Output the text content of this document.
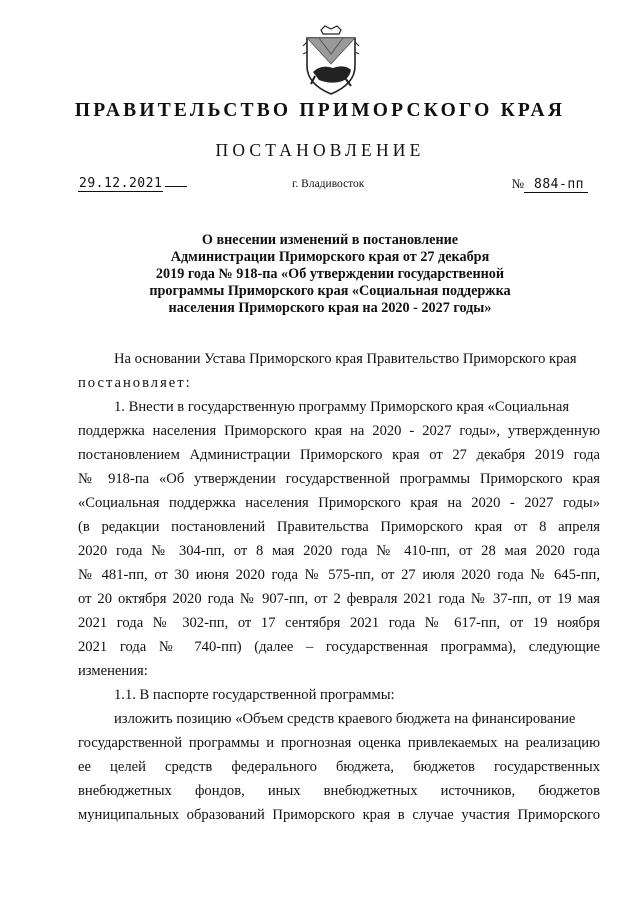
ПРАВИТЕЛЬСТВО ПРИМОРСКОГО КРАЯ
ПОСТАНОВЛЕНИЕ
29.12.2021	г. Владивосток	№ 884-пп
О внесении изменений в постановление
Администрации Приморского края от 27 декабря
2019 года № 918-па «Об утверждении государственной
программы Приморского края «Социальная поддержка
населения Приморского края на 2020 - 2027 годы»
На основании Устава Приморского края Правительство Приморского края
постановляет:
1. Внести в государственную программу Приморского края «Социальная
поддержка населения Приморского края на 2020 - 2027 годы», утвержденную
постановлением Администрации Приморского края от 27 декабря 2019 года
№ 918-па «Об утверждении государственной программы Приморского края
«Социальная поддержка населения Приморского края на 2020 - 2027 годы»
(в редакции постановлений Правительства Приморского края от 8 апреля
2020 года № 304-пп, от 8 мая 2020 года № 410-пп, от 28 мая 2020 года
№ 481-пп, от 30 июня 2020 года № 575-пп, от 27 июля 2020 года № 645-пп,
от 20 октября 2020 года № 907-пп, от 2 февраля 2021 года № 37-пп, от 19 мая
2021 года № 302-пп, от 17 сентября 2021 года № 617-пп, от 19 ноября
2021 года № 740-пп) (далее – государственная программа), следующие
изменения:
1.1. В паспорте государственной программы:
изложить позицию «Объем средств краевого бюджета на финансирование
государственной программы и прогнозная оценка привлекаемых на реализацию
ее целей средств федерального бюджета, бюджетов государственных
внебюджетных фондов, иных внебюджетных источников, бюджетов
муниципальных образований Приморского края в случае участия Приморского
